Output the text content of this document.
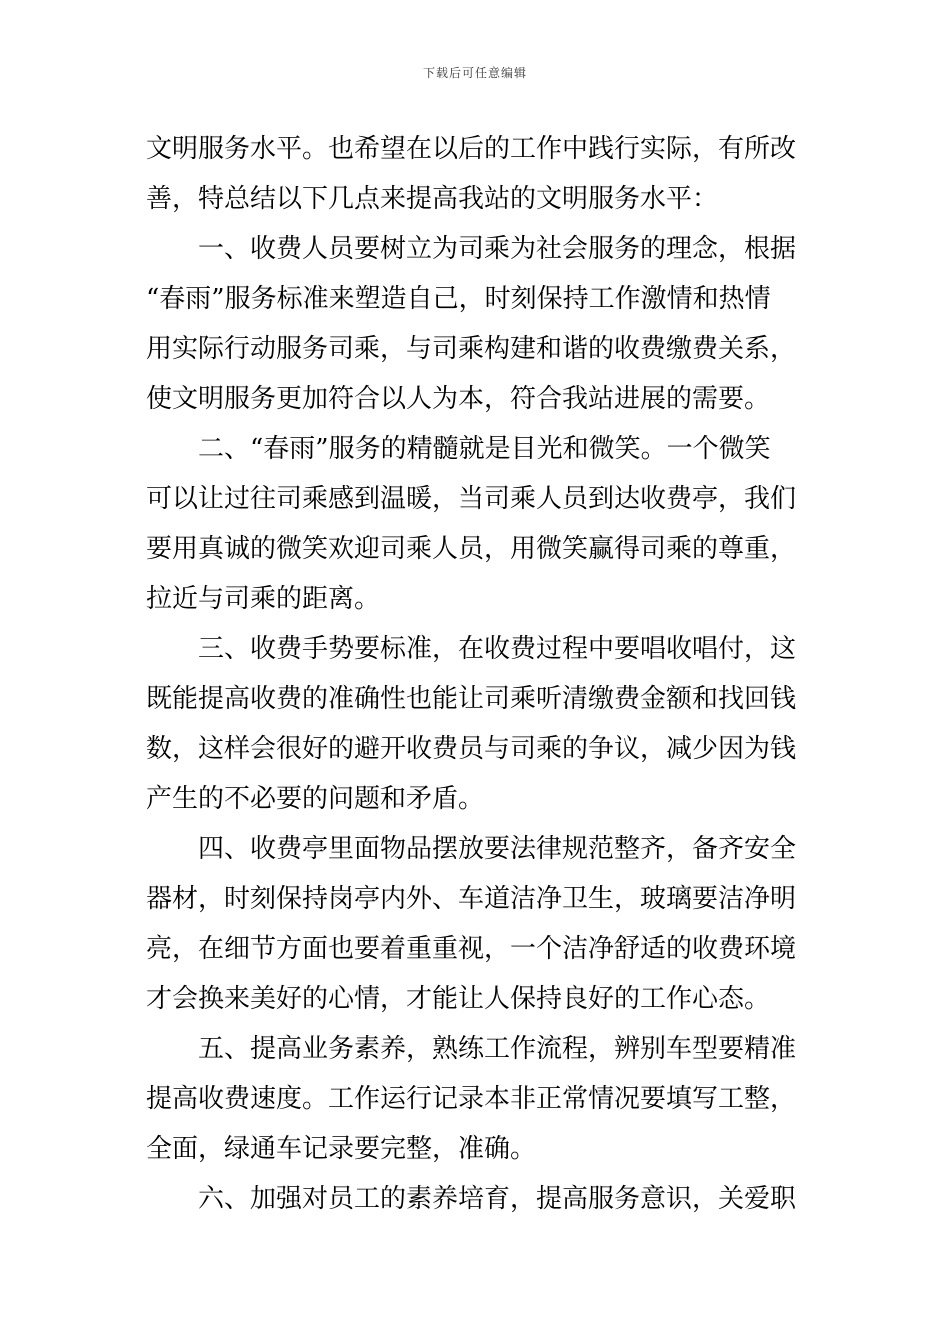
下载后可任意编辑
文明服务水平。也希望在以后的工作中践行实际，有所改
善，特总结以下几点来提高我站的文明服务水平：
一、收费人员要树立为司乘为社会服务的理念，根据
“春雨”服务标准来塑造自己，时刻保持工作激情和热情
用实际行动服务司乘，与司乘构建和谐的收费缴费关系，
使文明服务更加符合以人为本，符合我站进展的需要。
二、“春雨”服务的精髓就是目光和微笑。一个微笑
可以让过往司乘感到温暖，当司乘人员到达收费亭，我们
要用真诚的微笑欢迎司乘人员，用微笑赢得司乘的尊重，
拉近与司乘的距离。
三、收费手势要标准，在收费过程中要唱收唱付，这
既能提高收费的准确性也能让司乘听清缴费金额和找回钱
数，这样会很好的避开收费员与司乘的争议，减少因为钱
产生的不必要的问题和矛盾。
四、收费亭里面物品摆放要法律规范整齐，备齐安全
器材，时刻保持岗亭内外、车道洁净卫生，玻璃要洁净明
亮，在细节方面也要着重重视，一个洁净舒适的收费环境
才会换来美好的心情，才能让人保持良好的工作心态。
五、提高业务素养，熟练工作流程，辨别车型要精准
提高收费速度。工作运行记录本非正常情况要填写工整，
全面，绿通车记录要完整，准确。
六、加强对员工的素养培育，提高服务意识，关爱职
